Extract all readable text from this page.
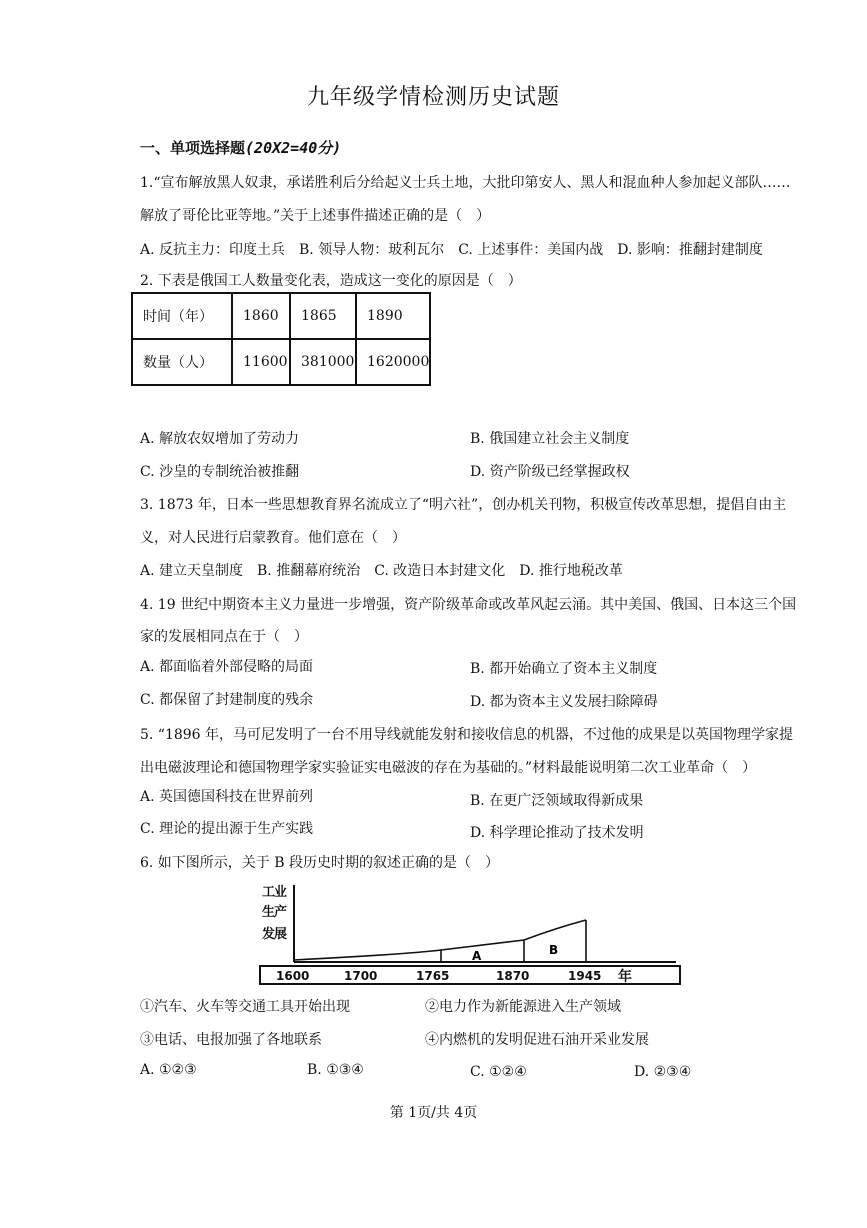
九年级学情检测历史试题
一、单项选择题(20X2=40分)
1.“宣布解放黑人奴隶，承诺胜利后分给起义士兵土地，大批印第安人、黑人和混血种人参加起义部队……
解放了哥伦比亚等地。”关于上述事件描述正确的是（　）
A. 反抗主力：印度土兵　B. 领导人物：玻利瓦尔　C. 上述事件：美国内战　D. 影响：推翻封建制度
2. 下表是俄国工人数量变化表，造成这一变化的原因是（　）
时间（年）	1860	1865	1890
数量（人）	11600	381000	1620000
A. 解放农奴增加了劳动力	B. 俄国建立社会主义制度
C. 沙皇的专制统治被推翻	D. 资产阶级已经掌握政权
3. 1873 年，日本一些思想教育界名流成立了“明六社”，创办机关刊物，积极宣传改革思想，提倡自由主
义，对人民进行启蒙教育。他们意在（　）
A. 建立天皇制度　B. 推翻幕府统治　C. 改造日本封建文化　D. 推行地税改革
4. 19 世纪中期资本主义力量进一步增强，资产阶级革命或改革风起云涌。其中美国、俄国、日本这三个国
家的发展相同点在于（　）
A. 都面临着外部侵略的局面	B. 都开始确立了资本主义制度
C. 都保留了封建制度的残余	D. 都为资本主义发展扫除障碍
5. “1896 年，马可尼发明了一台不用导线就能发射和接收信息的机器，不过他的成果是以英国物理学家提
出电磁波理论和德国物理学家实验证实电磁波的存在为基础的。”材料最能说明第二次工业革命（　）
A. 英国德国科技在世界前列	B. 在更广泛领域取得新成果
C. 理论的提出源于生产实践	D. 科学理论推动了技术发明
6. 如下图所示，关于 B 段历史时期的叙述正确的是（　）
工
业
生
产
发
展
A	B
1600	1700	1765	1870	1945 年
①汽车、火车等交通工具开始出现	②电力作为新能源进入生产领域
③电话、电报加强了各地联系	④内燃机的发明促进石油开采业发展
A. ①②③	B. ①③④	C. ①②④	D. ②③④
第 1页/共 4页
